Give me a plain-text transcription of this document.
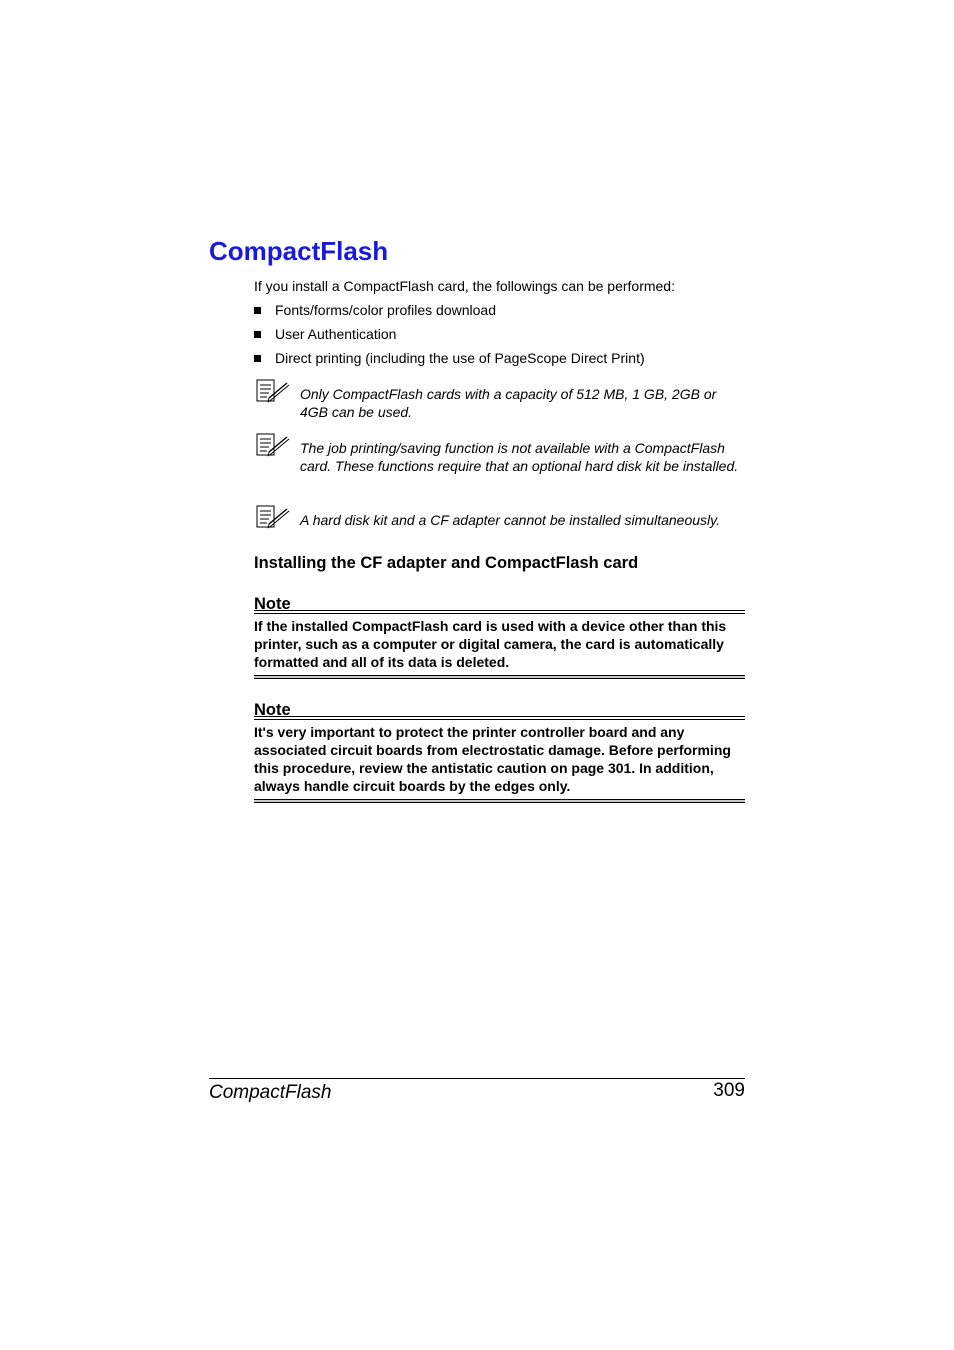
CompactFlash
If you install a CompactFlash card, the followings can be performed:
Fonts/forms/color profiles download
User Authentication
Direct printing (including the use of PageScope Direct Print)
Only CompactFlash cards with a capacity of 512 MB, 1 GB, 2GB or 4GB can be used.
The job printing/saving function is not available with a CompactFlash card. These functions require that an optional hard disk kit be installed.
A hard disk kit and a CF adapter cannot be installed simultaneously.
Installing the CF adapter and CompactFlash card
Note
If the installed CompactFlash card is used with a device other than this printer, such as a computer or digital camera, the card is automatically formatted and all of its data is deleted.
Note
It's very important to protect the printer controller board and any associated circuit boards from electrostatic damage. Before performing this procedure, review the antistatic caution on page 301. In addition, always handle circuit boards by the edges only.
CompactFlash	309
